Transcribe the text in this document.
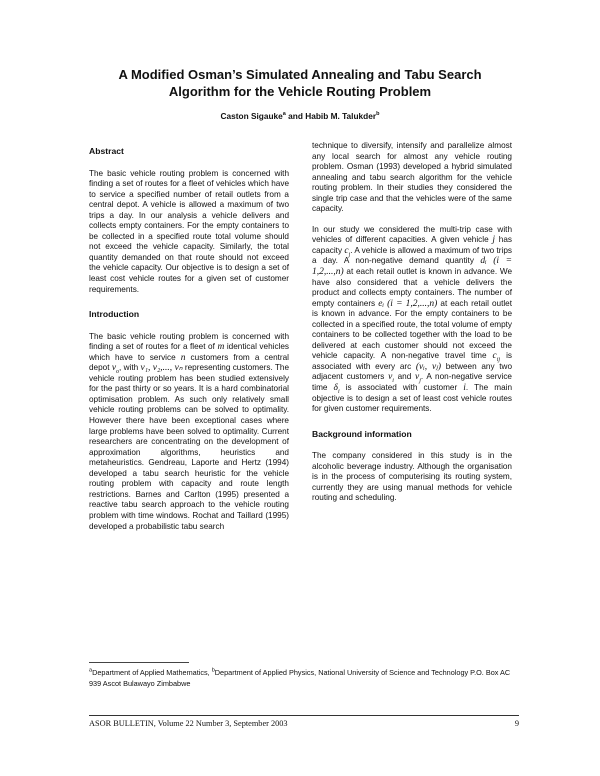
A Modified Osman’s Simulated Annealing and Tabu Search
Algorithm for the Vehicle Routing Problem
Caston Sigauke$^a$ and Habib M. Talukder$^b$
Abstract

The basic vehicle routing problem is concerned with finding a set of routes for a fleet of vehicles which have to service a specified number of retail outlets from a central depot. A vehicle is allowed a maximum of two trips a day. In our analysis a vehicle delivers and collects empty containers. For the empty containers to be collected in a specified route total volume should not exceed the vehicle capacity. Similarly, the total quantity demanded on that route should not exceed the vehicle capacity. Our objective is to design a set of least cost vehicle routes for a given set of customer requirements.

Introduction

The basic vehicle routing problem is concerned with finding a set of routes for a fleet of m identical vehicles which have to service n customers from a central depot $v_o$, with v₁, v₂,..., vₙ representing customers. The vehicle routing problem has been studied extensively for the past thirty or so years. It is a hard combinatorial optimisation problem. As such only relatively small vehicle routing problems can be solved to optimality. However there have been exceptional cases where large problems have been solved to optimality. Current researchers are concentrating on the development of approximation algorithms, heuristics and metaheuristics. Gendreau, Laporte and Hertz (1994) developed a tabu search heuristic for the vehicle routing problem with capacity and route length restrictions. Barnes and Carlton (1995) presented a reactive tabu search approach to the vehicle routing problem with time windows. Rochat and Taillard (1995) developed a probabilistic tabu search

technique to diversify, intensify and parallelize almost any local search for almost any vehicle routing problem. Osman (1993) developed a hybrid simulated annealing and tabu search algorithm for the vehicle routing problem. In their studies they considered the single trip case and that the vehicles were of the same capacity.

In our study we considered the multi-trip case with vehicles of different capacities. A given vehicle j has capacity $c_j$. A vehicle is allowed a maximum of two trips a day. A non-negative demand quantity dᵢ (i = 1,2,...,n) at each retail outlet is known in advance. We have also considered that a vehicle delivers the product and collects empty containers. The number of empty containers eᵢ (i = 1,2,...,n) at each retail outlet is known in advance. For the empty containers to be collected in a specified route, the total volume of empty containers to be collected together with the load to be delivered at each customer should not exceed the vehicle capacity. A non-negative travel time $c_{ij}$ is associated with every arc (vᵢ, vⱼ) between any two adjacent customers $v_i$ and $v_j$. A non-negative service time $\delta_i$ is associated with customer i. The main objective is to design a set of least cost vehicle routes for given customer requirements.

Background information

The company considered in this study is in the alcoholic beverage industry. Although the organisation is in the process of computerising its routing system, currently they are using manual methods for vehicle routing and scheduling.

$^a$Department of Applied Mathematics, $^b$Department of Applied Physics, National University of Science and Technology P.O. Box AC 939 Ascot Bulawayo Zimbabwe
ASOR BULLETIN, Volume 22 Number 3, September 2003	9
